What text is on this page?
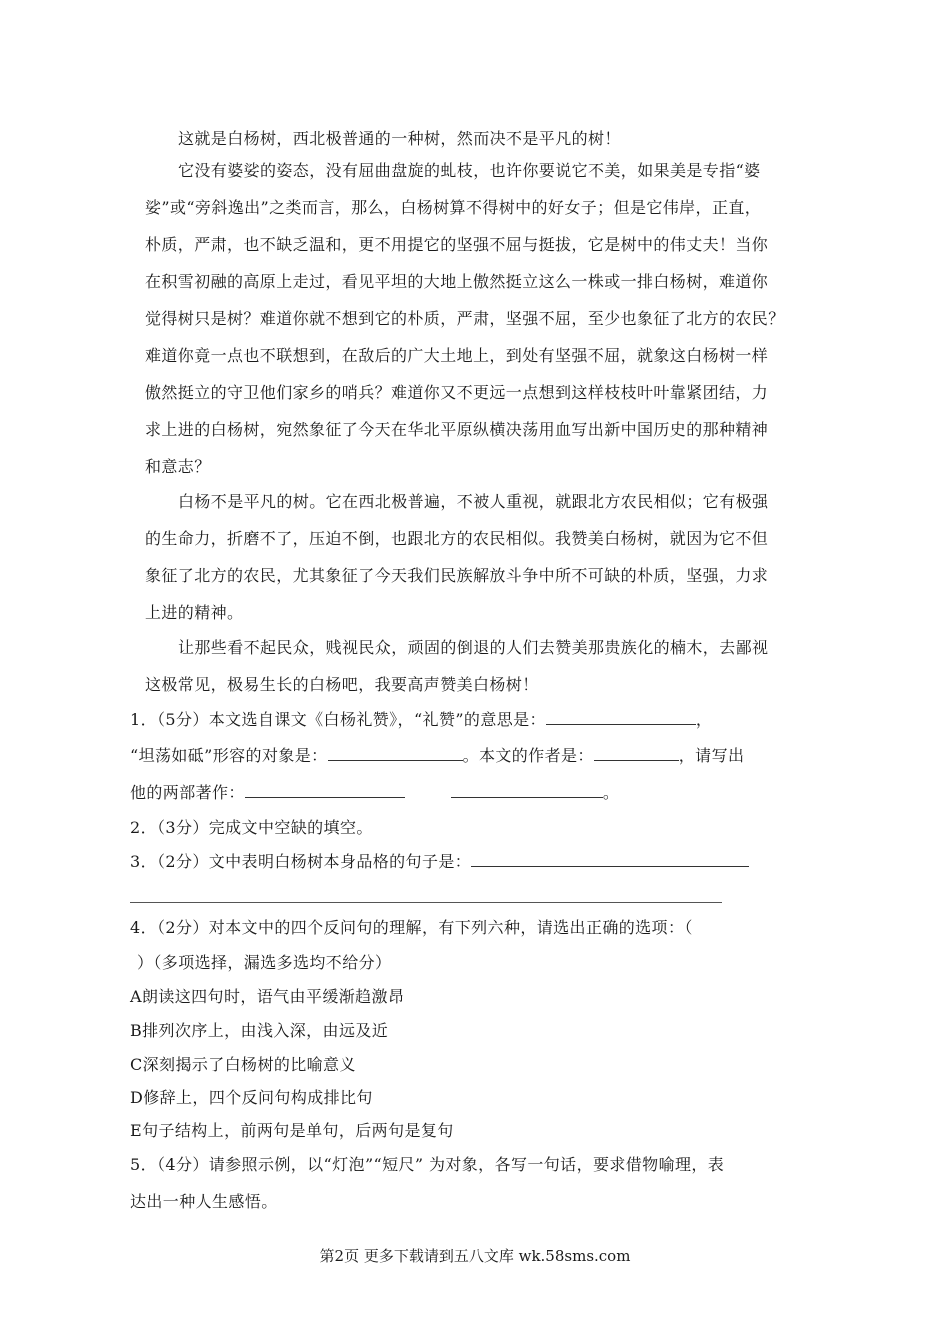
这就是白杨树，西北极普通的一种树，然而决不是平凡的树！
它没有婆娑的姿态，没有屈曲盘旋的虬枝，也许你要说它不美，如果美是专指“婆
娑”或“旁斜逸出”之类而言，那么，白杨树算不得树中的好女子；但是它伟岸，正直，
朴质，严肃，也不缺乏温和，更不用提它的坚强不屈与挺拔，它是树中的伟丈夫！当你
在积雪初融的高原上走过，看见平坦的大地上傲然挺立这么一株或一排白杨树，难道你
觉得树只是树？难道你就不想到它的朴质，严肃，坚强不屈，至少也象征了北方的农民？
难道你竟一点也不联想到，在敌后的广大土地上，到处有坚强不屈，就象这白杨树一样
傲然挺立的守卫他们家乡的哨兵？难道你又不更远一点想到这样枝枝叶叶靠紧团结，力
求上进的白杨树，宛然象征了今天在华北平原纵横决荡用血写出新中国历史的那种精神
和意志？
白杨不是平凡的树。它在西北极普遍，不被人重视，就跟北方农民相似；它有极强
的生命力，折磨不了，压迫不倒，也跟北方的农民相似。我赞美白杨树，就因为它不但
象征了北方的农民，尤其象征了今天我们民族解放斗争中所不可缺的朴质，坚强，力求
上进的精神。
让那些看不起民众，贱视民众，顽固的倒退的人们去赞美那贵族化的楠木，去鄙视
这极常见，极易生长的白杨吧，我要高声赞美白杨树！
1．（5分）本文选自课文《白杨礼赞》，“礼赞”的意思是：	，
“坦荡如砥”形容的对象是：	。本文的作者是：	，请写出
他的两部著作：	。
2．（3分）完成文中空缺的填空。
3．（2分）文中表明白杨树本身品格的句子是：
4．（2分）对本文中的四个反问句的理解，有下列六种，请选出正确的选项：（
）（多项选择，漏选多选均不给分）
A朗读这四句时，语气由平缓渐趋激昂
B排列次序上，由浅入深，由远及近
C深刻揭示了白杨树的比喻意义
D修辞上，四个反问句构成排比句
E句子结构上，前两句是单句，后两句是复句
5．（4分）请参照示例，以“灯泡”“短尺” 为对象，各写一句话，要求借物喻理，表
达出一种人生感悟。
第2页 更多下载请到五八文库 wk.58sms.com
